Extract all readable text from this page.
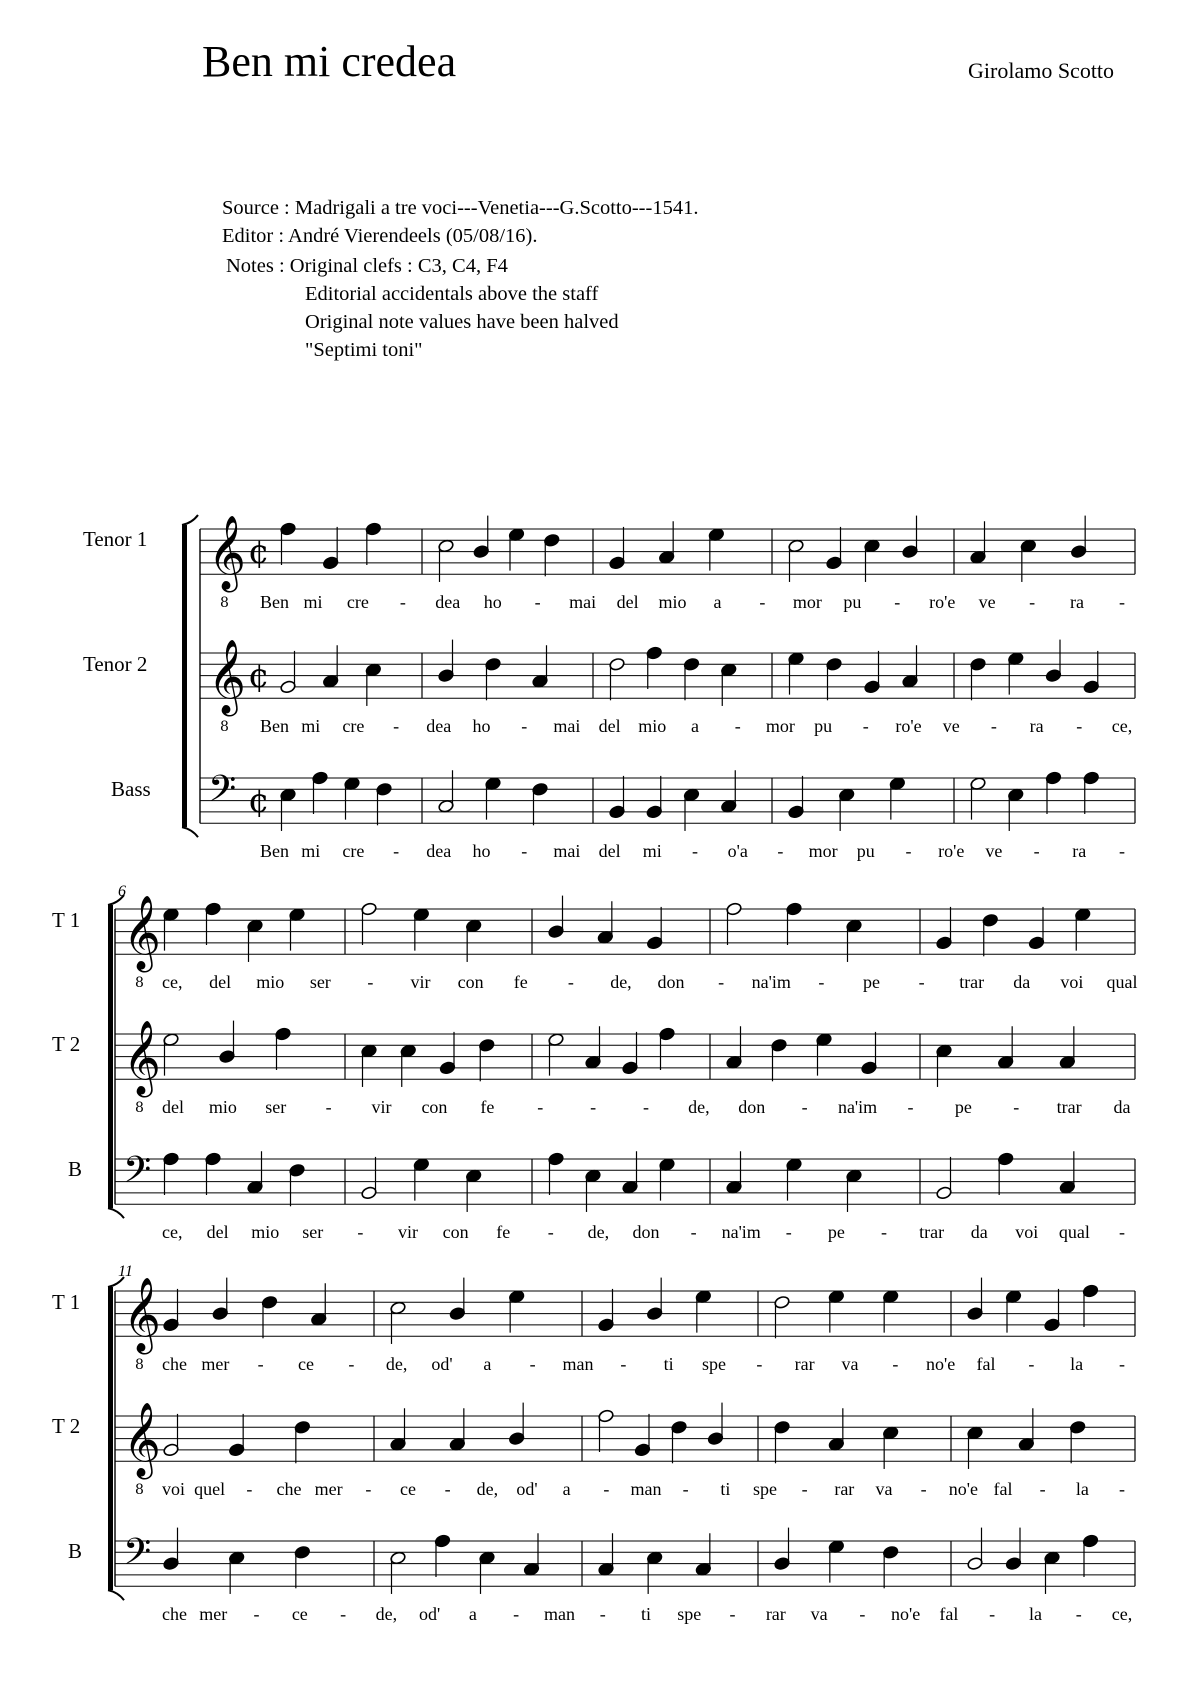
Ben mi credea	Girolamo Scotto
Source : Madrigali a tre voci---Venetia---G.Scotto---1541.
Editor : André Vierendeels (05/08/16).
Notes : Original clefs : C3, C4, F4
Editorial accidentals above the staff
Original note values have been halved
"Septimi toni"
Tenor 1
Tenor 2
Bass
T 1
T 2
B
T 1
T 2
B
6
11
𝄞
8
¢
𝄞
8
¢
𝄢 ¢
𝄞
8
𝄞
8
𝄢
𝄞
8
𝄞
8
𝄢
Ben mi cre - dea ho - mai del mio a - mor pu - ro'e ve - ra -
Ben mi cre - dea ho - mai del mio a - mor pu - ro'e ve - ra - ce,
Ben mi cre - dea ho - mai del mi - o'a - mor pu - ro'e ve - ra -
ce, del mio ser - vir con fe - de, don - na'im - pe - trar da voi qual
del mio ser - vir con fe -	-	- de, don - na'im - pe - trar da
ce, del mio ser - vir con fe - de, don - na'im - pe - trar da voi qual -
che mer - ce - de, od' a - man - ti spe - rar va - no'e fal - la -
voi quel - che mer - ce - de, od' a - man - ti spe - rar va - no'e fal - la -
che mer - ce - de, od' a - man - ti spe - rar va - no'e fal - la - ce,
